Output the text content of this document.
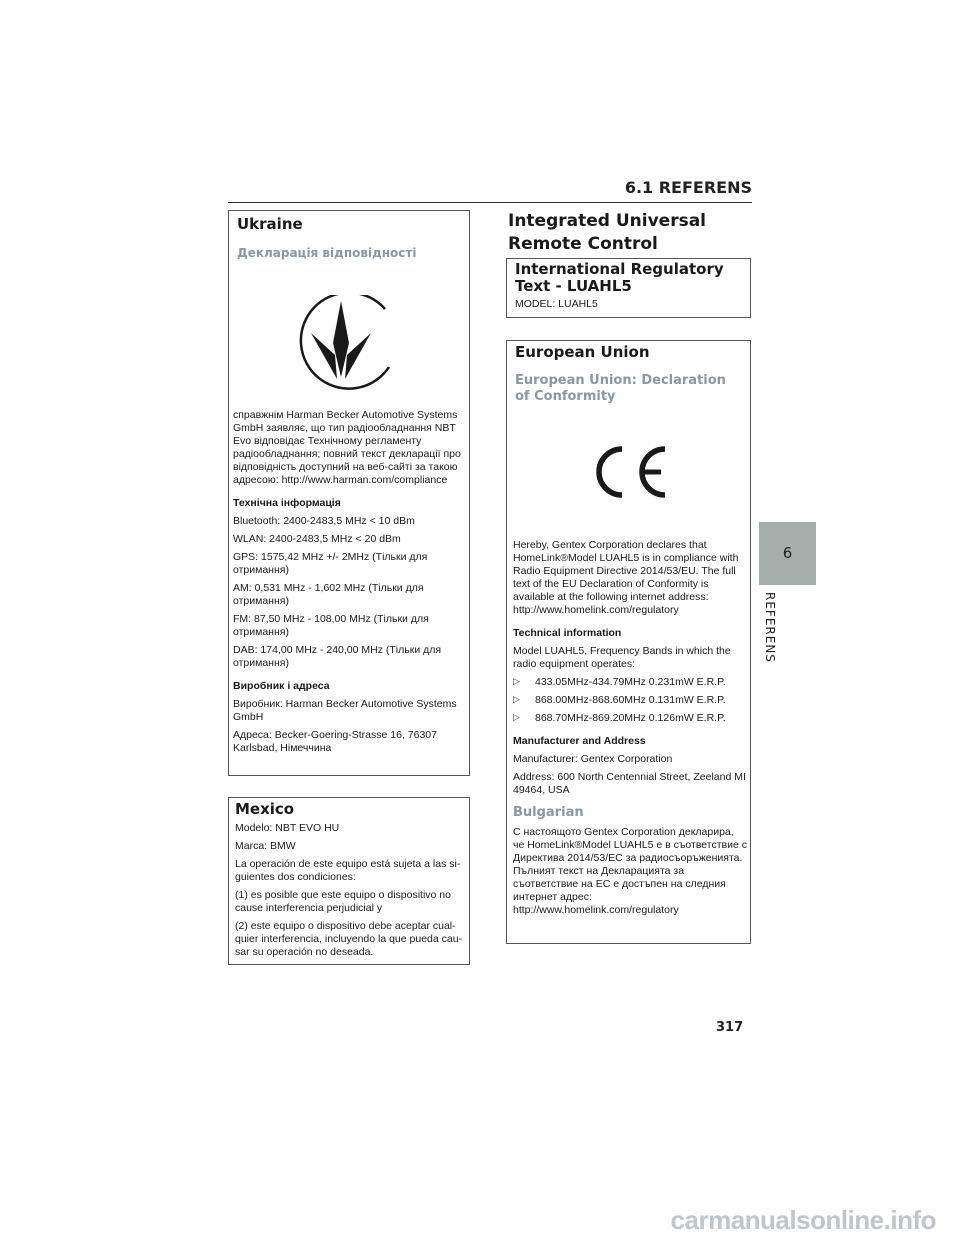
6.1 REFERENS
Ukraine
Декларація відповідності

справжнім Harman Becker Automotive Systems GmbH заявляє, що тип радіообладнання NBT Evo відповідає Технічному регламенту радіообладнання; повний текст декларації про відповідність доступний на веб-сайті за такою адресою: http://www.harman.com/compliance

Технічна інформація

Bluetooth: 2400-2483,5 MHz < 10 dBm

WLAN: 2400-2483,5 MHz < 20 dBm

GPS: 1575,42 MHz +/- 2MHz (Тільки для отримання)

AM: 0,531 MHz - 1,602 MHz (Тільки для отримання)

FM: 87,50 MHz - 108,00 MHz (Тільки для отримання)

DAB: 174,00 MHz - 240,00 MHz (Тільки для отримання)

Виробник і адреса

Виробник: Harman Becker Automotive Systems GmbH

Адреса: Becker-Goering-Strasse 16, 76307 Karlsbad, Німеччина

Mexico

Modelo: NBT EVO HU

Marca: BMW

La operación de este equipo está sujeta a las si-guientes dos condiciones:

(1) es posible que este equipo o dispositivo no cause interferencia perjudicial y

(2) este equipo o dispositivo debe aceptar cual-quier interferencia, incluyendo la que pueda cau-sar su operación no deseada.

Integrated Universal Remote Control
International Regulatory Text - LUAHL5

MODEL: LUAHL5

European Union
European Union: Declaration of Conformity

Hereby, Gentex Corporation declares that HomeLink®Model LUAHL5 is in compliance with Radio Equipment Directive 2014/53/EU. The full text of the EU Declaration of Conformity is available at the following internet address: http://www.homelink.com/regulatory

Technical information

Model LUAHL5, Frequency Bands in which the radio equipment operates:

▷	433.05MHz-434.79MHz 0.231mW E.R.P.

▷	868.00MHz-868.60MHz 0.131mW E.R.P.

▷	868.70MHz-869.20MHz 0.126mW E.R.P.

Manufacturer and Address

Manufacturer: Gentex Corporation

Address: 600 North Centennial Street, Zeeland MI 49464, USA

Bulgarian

С настоящото Gentex Corporation декларира, че HomeLink®Model LUAHL5 е в съответствие с Директива 2014/53/ЕС за радиосъоръженията. Пълният текст на Декларацията за съответствие на ЕС е достъпен на следния интернет адрес: http://www.homelink.com/regulatory

6
REFERENS
317
carmanualsonline.info
